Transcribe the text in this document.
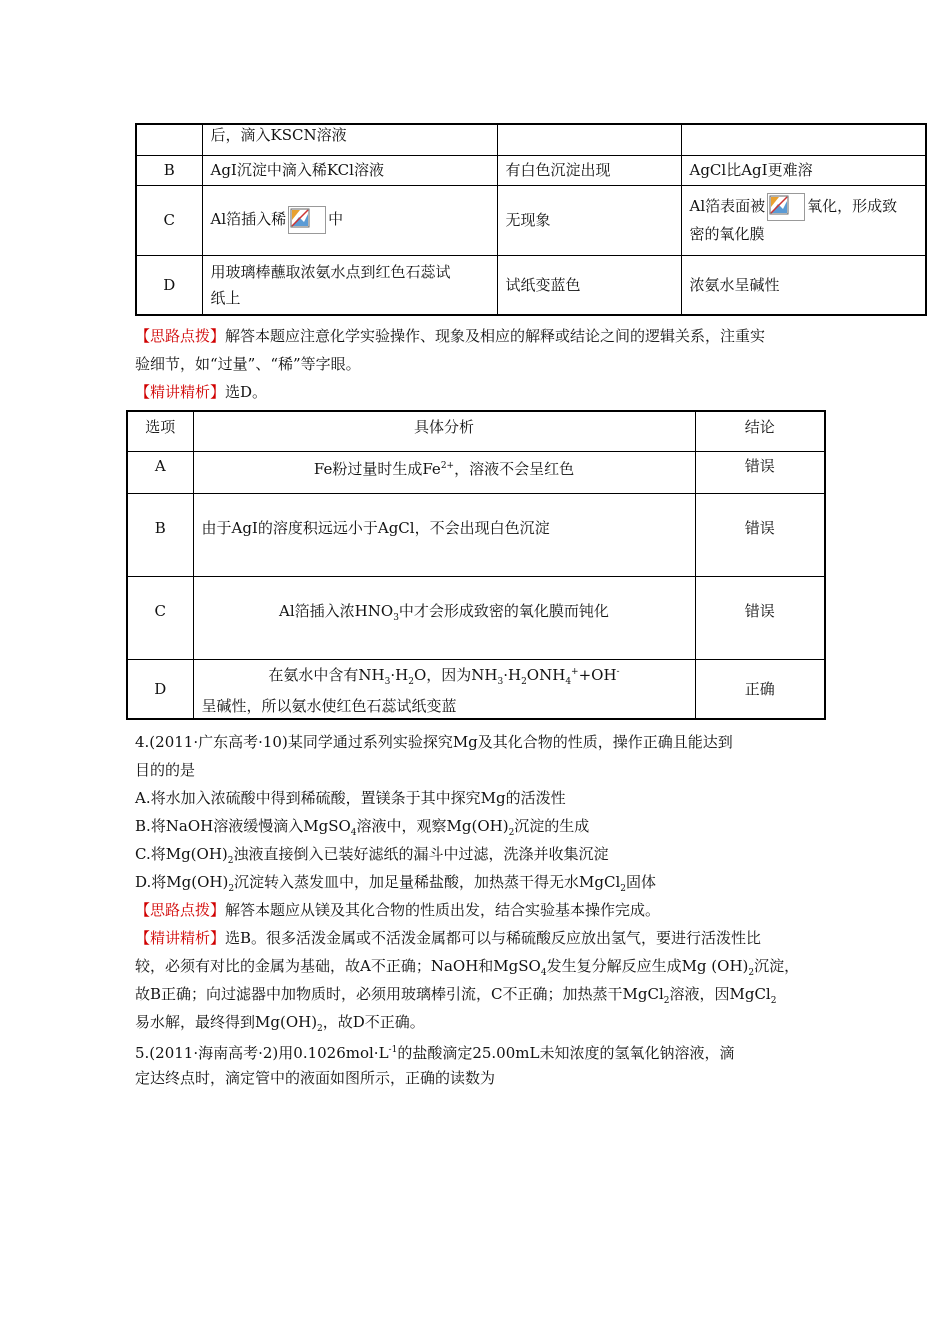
	后，滴入KSCN溶液		
B	AgI沉淀中滴入稀KCl溶液	有白色沉淀出现	AgCl比AgI更难溶
C	Al箔插入稀 中	无现象	Al箔表面被 氧化，形成致
密的氧化膜
D	用玻璃棒蘸取浓氨水点到红色石蕊试
纸上	试纸变蓝色	浓氨水呈碱性
【思路点拨】解答本题应注意化学实验操作、现象及相应的解释或结论之间的逻辑关系，注重实
验细节，如“过量”、“稀”等字眼。
【精讲精析】选D。
选项	具体分析	结论
A	Fe粉过量时生成$Fe^{2+}$，溶液不会呈红色	错误
B	由于AgI的溶度积远远小于AgCl，不会出现白色沉淀	错误
C	Al箔插入浓$HNO_3$中才会形成致密的氧化膜而钝化	错误
D	在氨水中含有$NH_3\cdot H_2O$，因为$NH_3\cdot H_2ONH_4^++OH^-$
呈碱性，所以氨水使红色石蕊试纸变蓝	正确
4.(2011·广东高考·10)某同学通过系列实验探究Mg及其化合物的性质，操作正确且能达到
目的的是
A.将水加入浓硫酸中得到稀硫酸，置镁条于其中探究Mg的活泼性
B.将NaOH溶液缓慢滴入MgSO$_4$溶液中，观察$Mg(OH)_2$沉淀的生成
C.将$Mg(OH)_2$浊液直接倒入已装好滤纸的漏斗中过滤，洗涤并收集沉淀
D.将$Mg(OH)_2$沉淀转入蒸发皿中，加足量稀盐酸，加热蒸干得无水MgCl$_2$固体
【思路点拨】解答本题应从镁及其化合物的性质出发，结合实验基本操作完成。
【精讲精析】选B。很多活泼金属或不活泼金属都可以与稀硫酸反应放出氢气，要进行活泼性比
较，必须有对比的金属为基础，故A不正确；NaOH和MgSO$_4$发生复分解反应生成Mg $(OH)_2$沉淀，
故B正确；向过滤器中加物质时，必须用玻璃棒引流，C不正确；加热蒸干MgCl$_2$溶液，因MgCl$_2$
易水解，最终得到$Mg(OH)_2$，故D不正确。
5.(2011·海南高考·2)用$0.1026mol\cdot L^{-1}$的盐酸滴定25.00mL未知浓度的氢氧化钠溶液，滴
定达终点时，滴定管中的液面如图所示，正确的读数为
